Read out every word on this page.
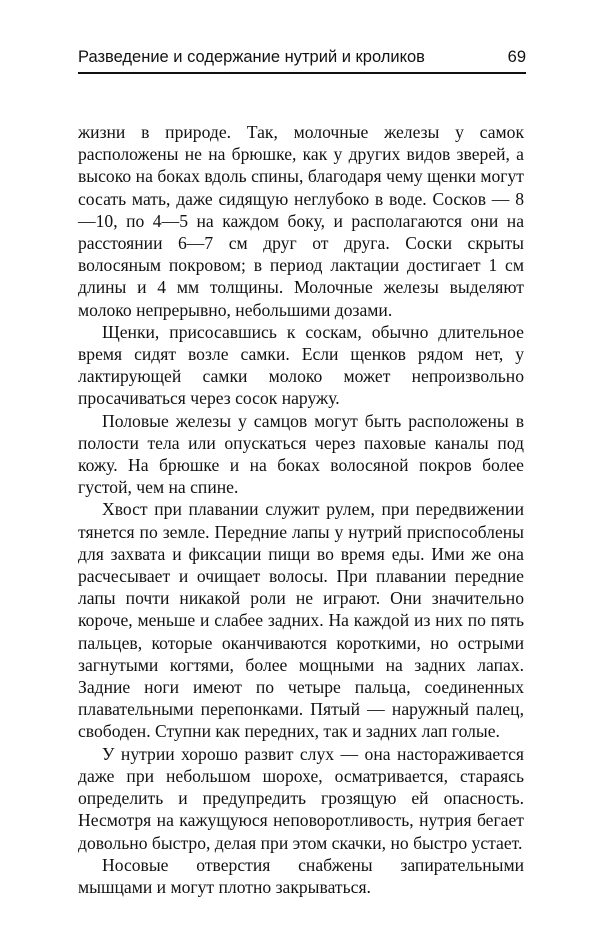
Разведение и содержание нутрий и кроликов	69

жизни в природе. Так, молочные железы у самок расположены не на брюшке, как у других видов зверей, а высоко на боках вдоль спины, благодаря чему щенки могут сосать мать, даже сидящую неглубоко в воде. Сосков — 8—10, по 4—5 на каждом боку, и располагаются они на расстоянии 6—7 см друг от друга. Соски скрыты волосяным покровом; в период лактации достигает 1 см длины и 4 мм толщины. Молочные железы выделяют молоко непрерывно, небольшими дозами.

Щенки, присосавшись к соскам, обычно длительное время сидят возле самки. Если щенков рядом нет, у лактирующей самки молоко может непроизвольно просачиваться через сосок наружу.

Половые железы у самцов могут быть расположены в полости тела или опускаться через паховые каналы под кожу. На брюшке и на боках волосяной покров более густой, чем на спине.

Хвост при плавании служит рулем, при передвижении тянется по земле. Передние лапы у нутрий приспособлены для захвата и фиксации пищи во время еды. Ими же она расчесывает и очищает волосы. При плавании передние лапы почти никакой роли не играют. Они значительно короче, меньше и слабее задних. На каждой из них по пять пальцев, которые оканчиваются короткими, но острыми загнутыми когтями, более мощными на задних лапах. Задние ноги имеют по четыре пальца, соединенных плавательными перепонками. Пятый — наружный палец, свободен. Ступни как передних, так и задних лап голые.

У нутрии хорошо развит слух — она настораживается даже при небольшом шорохе, осматривается, стараясь определить и предупредить грозящую ей опасность. Несмотря на кажущуюся неповоротливость, нутрия бегает довольно быстро, делая при этом скачки, но быстро устает.

Носовые отверстия снабжены запирательными мышцами и могут плотно закрываться.
